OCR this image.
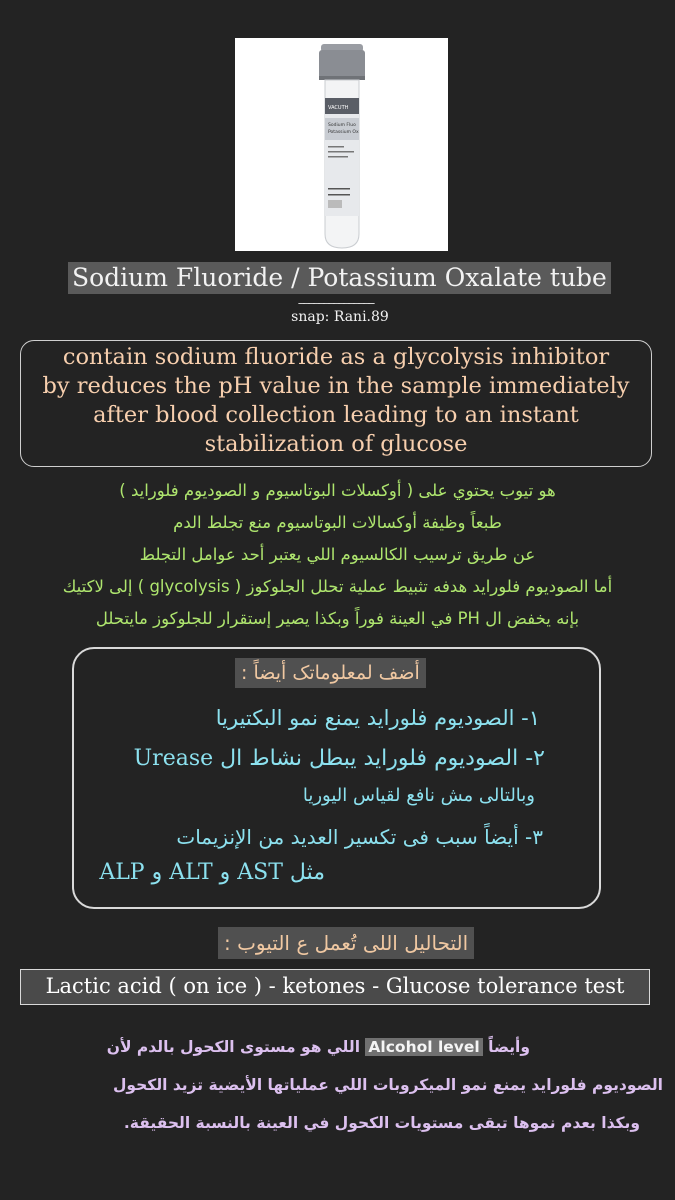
VACUTH
Sodium Fluo
Potassium Ox
Sodium Fluoride / Potassium Oxalate tube
_______________
snap: Rani.89
contain sodium fluoride as a glycolysis inhibitor
by reduces the pH value in the sample immediately
after blood collection leading to an instant
stabilization of glucose
هو تيوب يحتوي على ( أوكسلات البوتاسيوم و الصوديوم فلورايد )
طبعاً وظيفة أوكسالات البوتاسيوم منع تجلط الدم
عن طريق ترسيب الكالسيوم اللي يعتبر أحد عوامل التجلط
أما الصوديوم فلورايد هدفه تثبيط عملية تحلل الجلوكوز ( glycolysis ) إلى لاكتيك
بإنه يخفض ال PH في العينة فوراً وبكذا يصير إستقرار للجلوكوز مايتحلل
أضف لمعلوماتک أيضاً :
١- الصوديوم فلورايد يمنع نمو البكتيريا
٢- الصوديوم فلورايد يبطل نشاط ال Urease
وبالتالى مش نافع لقياس اليوريا
٣- أيضاً سبب فى تكسير العديد من الإنزيمات
مثل AST و ALT و ALP
التحاليل اللى تُعمل ع التيوب :
Lactic acid ( on ice ) - ketones - Glucose tolerance test
وأيضاً Alcohol level اللي هو مستوى الكحول بالدم لأن
الصوديوم فلورايد يمنع نمو الميكروبات اللي عملياتها الأيضية تزيد الكحول
وبكذا بعدم نموها تبقى مستويات الكحول في العينة بالنسبة الحقيقة.
